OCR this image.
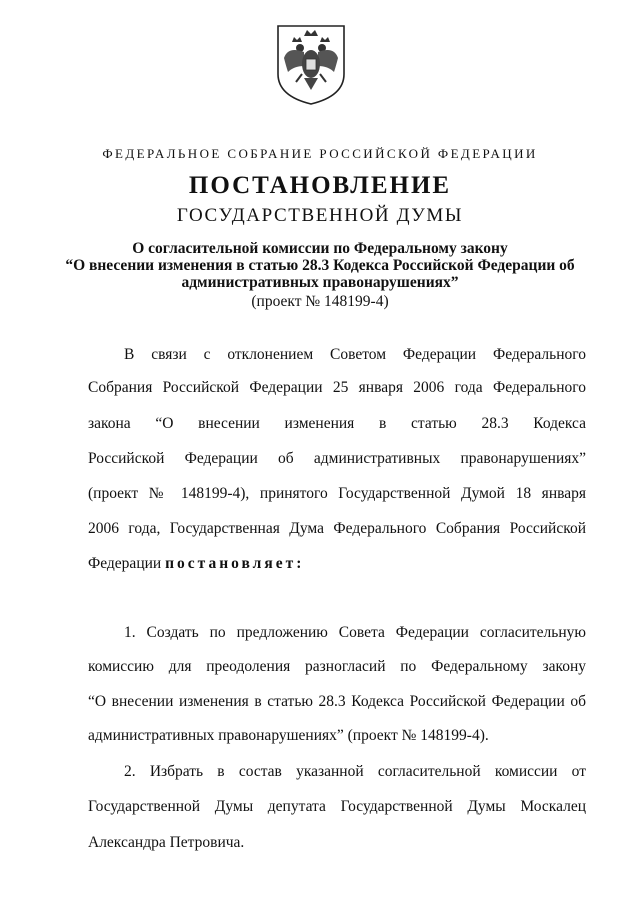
ФЕДЕРАЛЬНОЕ СОБРАНИЕ РОССИЙСКОЙ ФЕДЕРАЦИИ
ПОСТАНОВЛЕНИЕ
ГОСУДАРСТВЕННОЙ ДУМЫ
О согласительной комиссии по Федеральному закону
“О внесении изменения в статью 28.3 Кодекса Российской Федерации об
административных правонарушениях”
(проект № 148199-4)
В связи с отклонением Советом Федерации Федерального
Собрания Российской Федерации 25 января 2006 года Федерального
закона “О внесении изменения в статью 28.3 Кодекса
Российской Федерации об административных правонарушениях”
(проект № 148199-4), принятого Государственной Думой 18 января
2006 года, Государственная Дума Федерального Собрания Российской
Федерации постановляет:
1. Создать по предложению Совета Федерации согласительную
комиссию для преодоления разногласий по Федеральному закону
“О внесении изменения в статью 28.3 Кодекса Российской Федерации об
административных правонарушениях” (проект № 148199-4).
2. Избрать в состав указанной согласительной комиссии от
Государственной Думы депутата Государственной Думы Москалец
Александра Петровича.
